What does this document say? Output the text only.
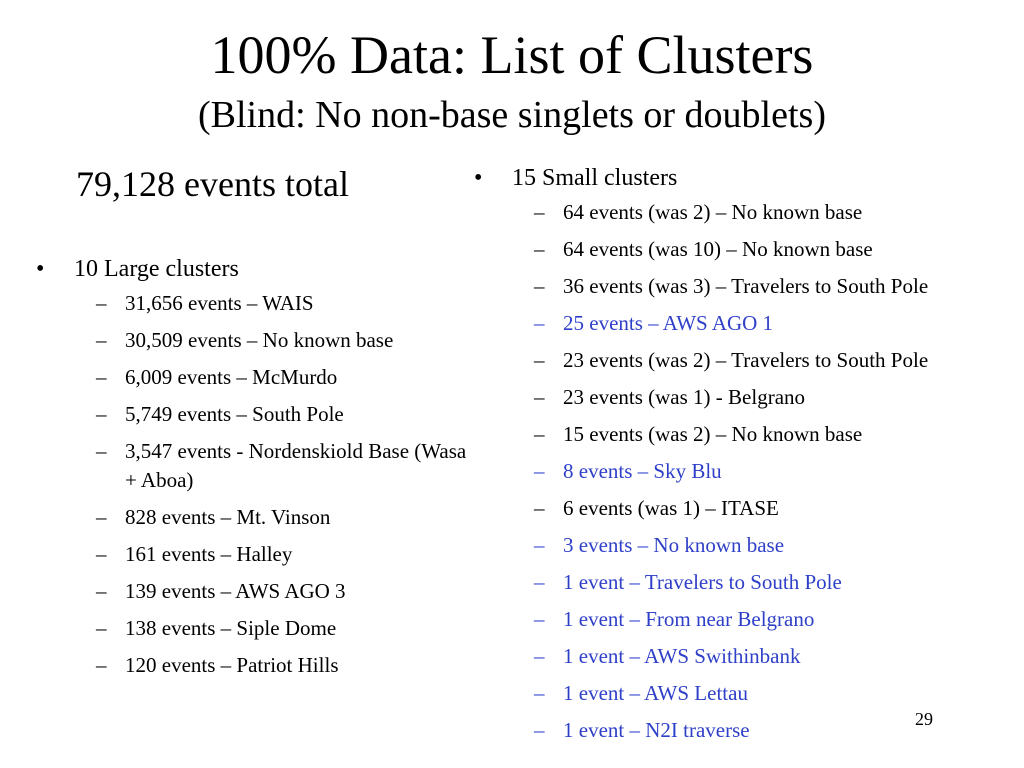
100% Data: List of Clusters
(Blind: No non-base singlets or doublets)
79,128 events total
• 10 Large clusters
– 31,656 events – WAIS
– 30,509 events – No known base
– 6,009 events – McMurdo
– 5,749 events – South Pole
– 3,547 events - Nordenskiold Base (Wasa + Aboa)
– 828 events – Mt. Vinson
– 161 events – Halley
– 139 events – AWS AGO 3
– 138 events – Siple Dome
– 120 events – Patriot Hills
• 15 Small clusters
– 64 events (was 2) – No known base
– 64 events (was 10) – No known base
– 36 events (was 3) – Travelers to South Pole
– 25 events – AWS AGO 1
– 23 events (was 2) – Travelers to South Pole
– 23 events (was 1) - Belgrano
– 15 events (was 2) – No known base
– 8 events – Sky Blu
– 6 events (was 1) – ITASE
– 3 events – No known base
– 1 event – Travelers to South Pole
– 1 event – From near Belgrano
– 1 event – AWS Swithinbank
– 1 event – AWS Lettau
– 1 event – N2I traverse	29
